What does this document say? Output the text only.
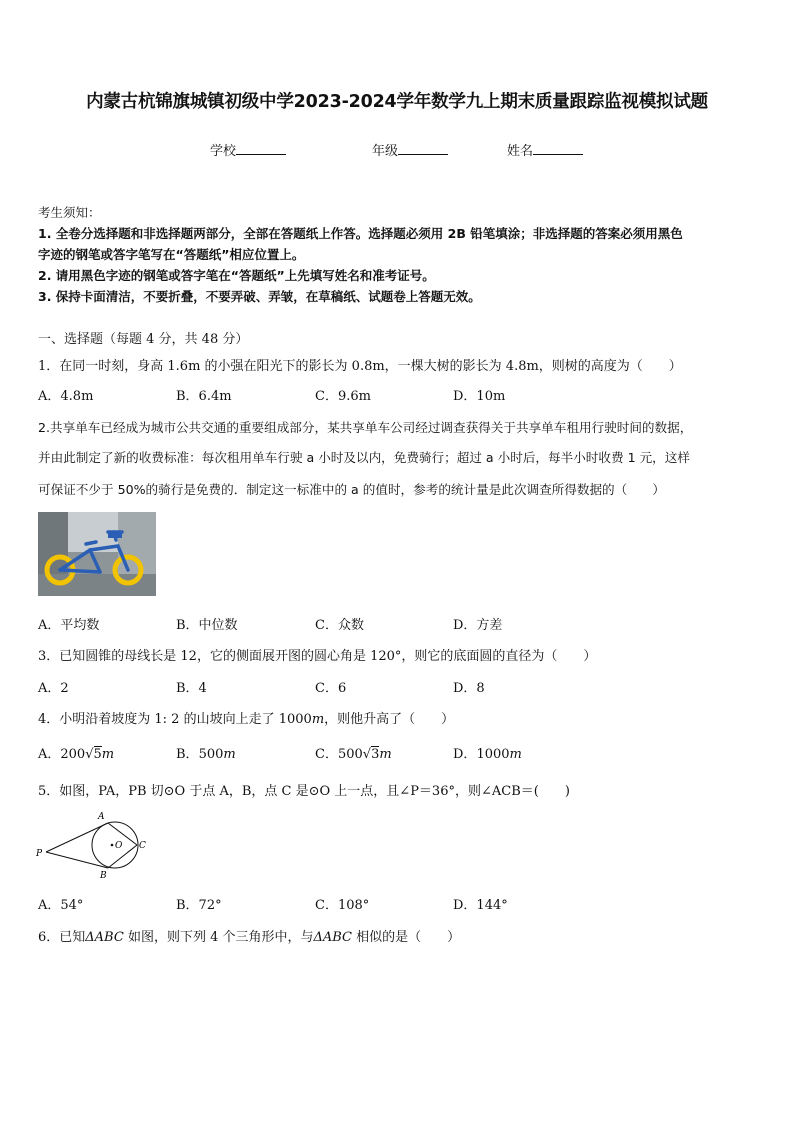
内蒙古杭锦旗城镇初级中学2023-2024学年数学九上期末质量跟踪监视模拟试题
学校	年级	姓名
考生须知：
1. 全卷分选择题和非选择题两部分，全部在答题纸上作答。选择题必须用 2B 铅笔填涂；非选择题的答案必须用黑色
字迹的钢笔或答字笔写在“答题纸”相应位置上。
2. 请用黑色字迹的钢笔或答字笔在“答题纸”上先填写姓名和准考证号。
3. 保持卡面清洁，不要折叠，不要弄破、弄皱，在草稿纸、试题卷上答题无效。
一、选择题（每题 4 分，共 48 分）
1．在同一时刻，身高 1.6m 的小强在阳光下的影长为 0.8m，一棵大树的影长为 4.8m，则树的高度为（　　）
A．4.8m	B．6.4m	C．9.6m	D．10m
2.共享单车已经成为城市公共交通的重要组成部分，某共享单车公司经过调查获得关于共享单车租用行驶时间的数据，
并由此制定了新的收费标准：每次租用单车行驶 a 小时及以内，免费骑行；超过 a 小时后，每半小时收费 1 元，这样
可保证不少于 50%的骑行是免费的．制定这一标准中的 a 的值时，参考的统计量是此次调查所得数据的（　　）
A．平均数	B．中位数	C．众数	D．方差
3．已知圆锥的母线长是 12，它的侧面展开图的圆心角是 120°，则它的底面圆的直径为（　　）
A．2	B．4	C．6	D．8
4．小明沿着坡度为 1: 2 的山坡向上走了 1000m，则他升高了（　　）
A．200√5m	B．500m	C．500√3m	D．1000m
5．如图，PA，PB 切⊙O 于点 A，B，点 C 是⊙O 上一点，且∠P＝36°，则∠ACB＝(　　)
A
B
C
O
P
A．54°	B．72°	C．108°	D．144°
6．已知ΔABC 如图，则下列 4 个三角形中，与ΔABC 相似的是（　　）
